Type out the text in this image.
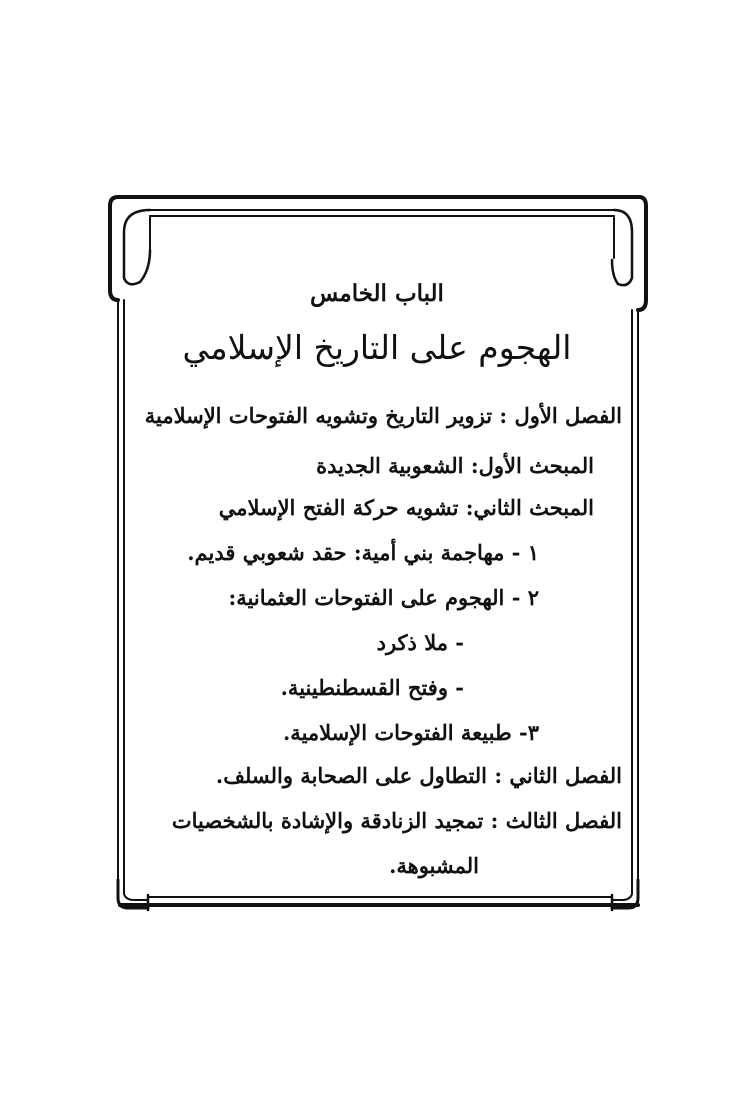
الباب الخامس
الهجوم على التاريخ الإسلامي
الفصل الأول : تزوير التاريخ وتشويه الفتوحات الإسلامية
المبحث الأول: الشعوبية الجديدة
المبحث الثاني: تشويه حركة الفتح الإسلامي
١ - مهاجمة بني أمية: حقد شعوبي قديم.
٢ - الهجوم على الفتوحات العثمانية:
- ملا ذكرد
- وفتح القسطنطينية.
٣- طبيعة الفتوحات الإسلامية.
الفصل الثاني : التطاول على الصحابة والسلف.
الفصل الثالث : تمجيد الزنادقة والإشادة بالشخصيات
المشبوهة.
